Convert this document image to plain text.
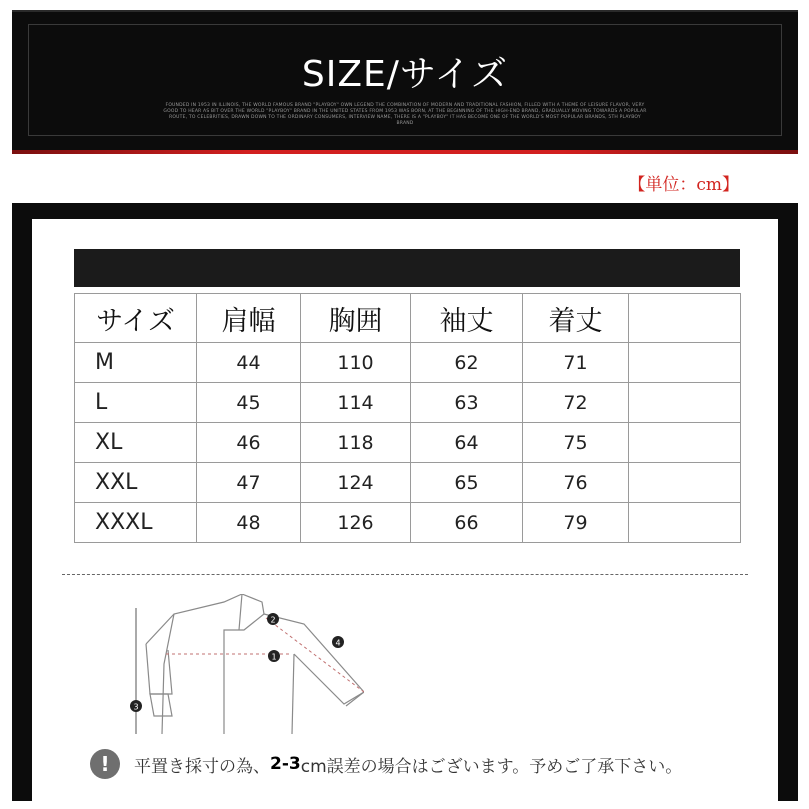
SIZE/サイズ
FOUNDED IN 1953 IN ILLINOIS, THE WORLD FAMOUS BRAND "PLAYBOY" OWN LEGEND THE COMBINATION OF MODERN AND TRADITIONAL FASHION, FILLED WITH A THEME OF LEISURE FLAVOR, VERY GOOD TO HEAR AS BIT OVER THE WORLD "PLAYBOY" BRAND IN THE UNITED STATES FROM 1953 WAS BORN, AT THE BEGINNING OF THE HIGH-END BRAND, GRADUALLY MOVING TOWARDS A POPULAR ROUTE, TO CELEBRITIES, DRAWN DOWN TO THE ORDINARY CONSUMERS, INTERVIEW NAME, THERE IS A "PLAYBOY" IT HAS BECOME ONE OF THE WORLD'S MOST POPULAR BRANDS, 5TH PLAYBOY BRAND
【単位：cm】
サイズ	肩幅	胸囲	袖丈	着丈	
M	44	110	62	71	
L	45	114	63	72	
XL	46	118	64	75	
XXL	47	124	65	76	
XXXL	48	126	66	79	
1
2
3
4
!	平置き採寸の為、 2-3 cm誤差の場合はございます。予めご了承下さい。
